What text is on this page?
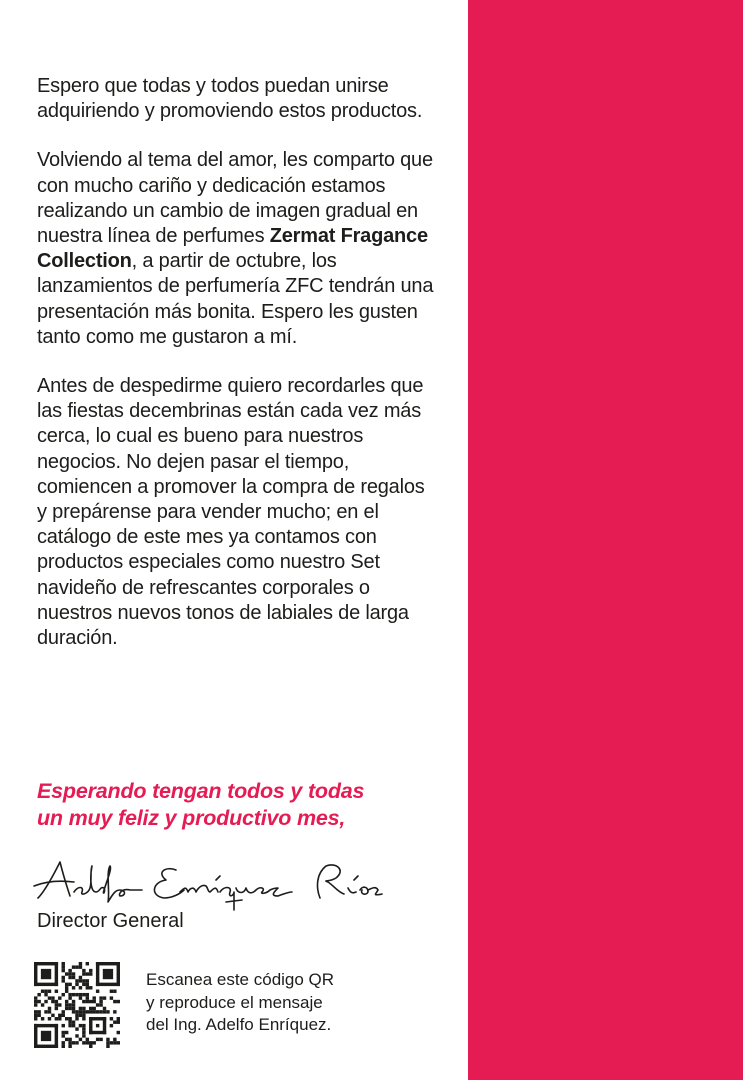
Espero que todas y todos puedan unirse adquiriendo y promoviendo estos productos.

Volviendo al tema del amor, les comparto que con mucho cariño y dedicación estamos realizando un cambio de imagen gradual en nuestra línea de perfumes Zermat Fragance Collection, a partir de octubre, los lanzamientos de perfumería ZFC tendrán una presentación más bonita. Espero les gusten tanto como me gustaron a mí.

Antes de despedirme quiero recordarles que las fiestas decembrinas están cada vez más cerca, lo cual es bueno para nuestros negocios. No dejen pasar el tiempo, comiencen a promover la compra de regalos y prepárense para vender mucho; en el catálogo de este mes ya contamos con productos especiales como nuestro Set navideño de refrescantes corporales o nuestros nuevos tonos de labiales de larga duración.

Esperando tengan todos y todas
un muy feliz y productivo mes,
Director General
Escanea este código QR
y reproduce el mensaje
del Ing. Adelfo Enríquez.
